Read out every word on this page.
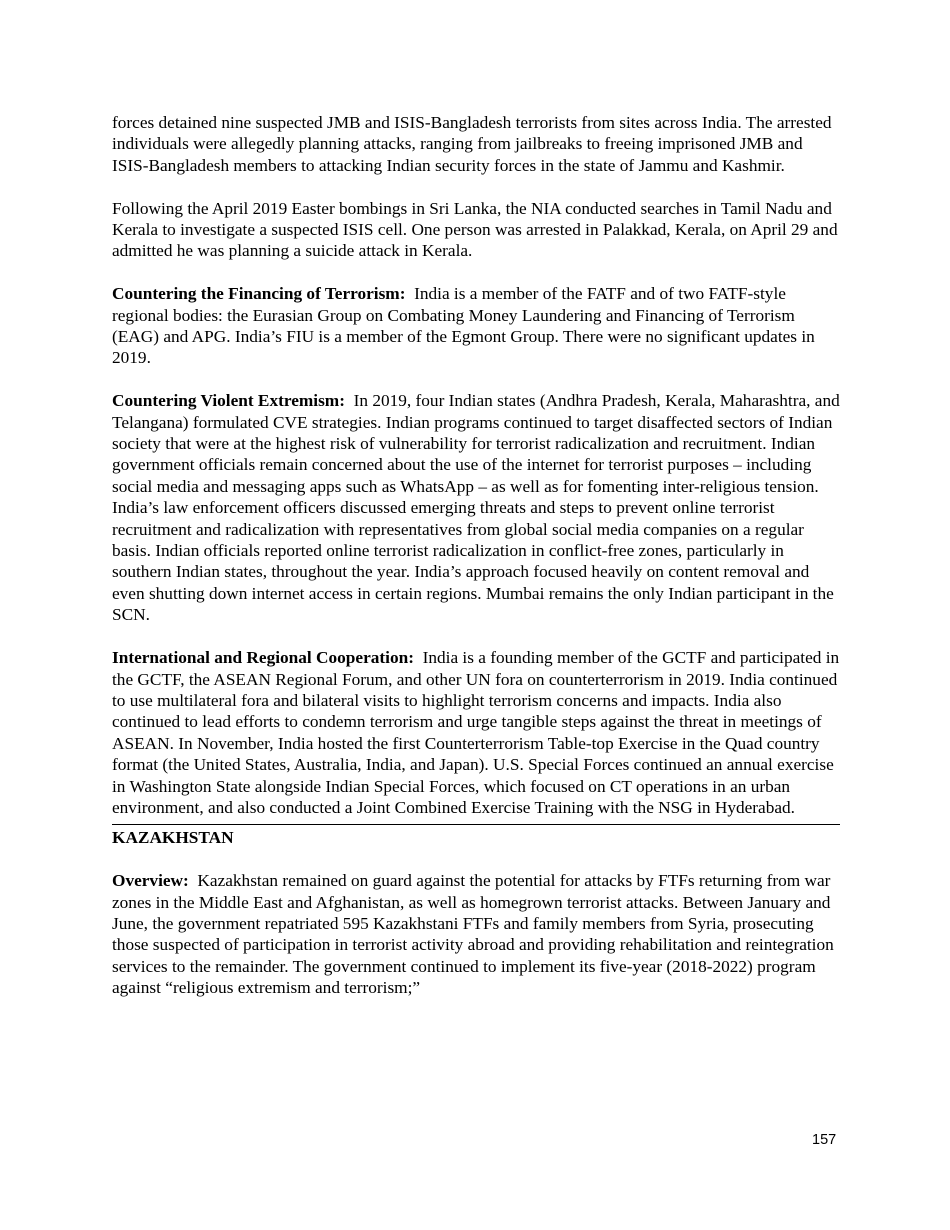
forces detained nine suspected JMB and ISIS-Bangladesh terrorists from sites across India. The arrested individuals were allegedly planning attacks, ranging from jailbreaks to freeing imprisoned JMB and ISIS-Bangladesh members to attacking Indian security forces in the state of Jammu and Kashmir.

Following the April 2019 Easter bombings in Sri Lanka, the NIA conducted searches in Tamil Nadu and Kerala to investigate a suspected ISIS cell. One person was arrested in Palakkad, Kerala, on April 29 and admitted he was planning a suicide attack in Kerala.

Countering the Financing of Terrorism: India is a member of the FATF and of two FATF-style regional bodies: the Eurasian Group on Combating Money Laundering and Financing of Terrorism (EAG) and APG. India’s FIU is a member of the Egmont Group. There were no significant updates in 2019.

Countering Violent Extremism: In 2019, four Indian states (Andhra Pradesh, Kerala, Maharashtra, and Telangana) formulated CVE strategies. Indian programs continued to target disaffected sectors of Indian society that were at the highest risk of vulnerability for terrorist radicalization and recruitment. Indian government officials remain concerned about the use of the internet for terrorist purposes – including social media and messaging apps such as WhatsApp – as well as for fomenting inter-religious tension. India’s law enforcement officers discussed emerging threats and steps to prevent online terrorist recruitment and radicalization with representatives from global social media companies on a regular basis. Indian officials reported online terrorist radicalization in conflict-free zones, particularly in southern Indian states, throughout the year. India’s approach focused heavily on content removal and even shutting down internet access in certain regions. Mumbai remains the only Indian participant in the SCN.

International and Regional Cooperation: India is a founding member of the GCTF and participated in the GCTF, the ASEAN Regional Forum, and other UN fora on counterterrorism in 2019. India continued to use multilateral fora and bilateral visits to highlight terrorism concerns and impacts. India also continued to lead efforts to condemn terrorism and urge tangible steps against the threat in meetings of ASEAN. In November, India hosted the first Counterterrorism Table-top Exercise in the Quad country format (the United States, Australia, India, and Japan). U.S. Special Forces continued an annual exercise in Washington State alongside Indian Special Forces, which focused on CT operations in an urban environment, and also conducted a Joint Combined Exercise Training with the NSG in Hyderabad.

KAZAKHSTAN

Overview: Kazakhstan remained on guard against the potential for attacks by FTFs returning from war zones in the Middle East and Afghanistan, as well as homegrown terrorist attacks. Between January and June, the government repatriated 595 Kazakhstani FTFs and family members from Syria, prosecuting those suspected of participation in terrorist activity abroad and providing rehabilitation and reintegration services to the remainder. The government continued to implement its five-year (2018-2022) program against “religious extremism and terrorism;”

157
